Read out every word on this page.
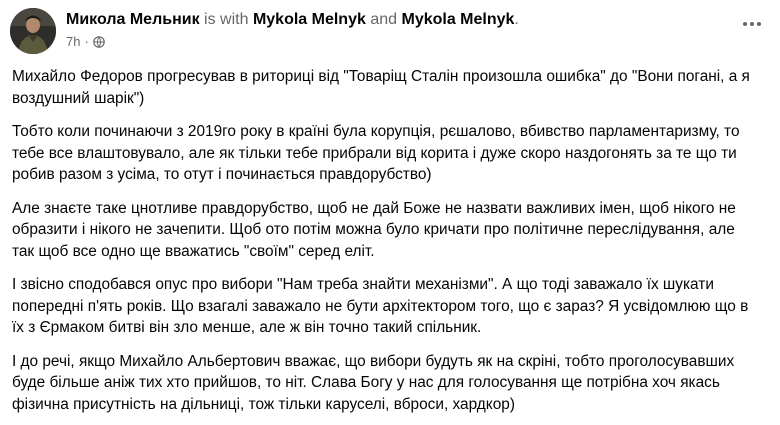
Микола Мельник is with Mykola Melnyk and Mykola Melnyk.
7h ·

Михайло Федоров прогресував в риториці від "Товаріщ Сталін произошла ошибка" до "Вони погані, а я воздушний шарік")

Тобто коли починаючи з 2019го року в країні була корупція, рєшалово, вбивство парламентаризму, то тебе все влаштовувало, але як тільки тебе прибрали від корита і дуже скоро наздогонять за те що ти робив разом з усіма, то отут і починається правдорубство)

Але знаєте таке цнотливе правдорубство, щоб не дай Боже не назвати важливих імен, щоб нікого не образити і нікого не зачепити. Щоб ото потім можна було кричати про політичне переслідування, але так щоб все одно ще вважатись "своїм" серед еліт.

І звісно сподобався опус про вибори "Нам треба знайти механізми". А що тоді заважало їх шукати попередні п'ять років. Що взагалі заважало не бути архітектором того, що є зараз? Я усвідомлюю що в їх з Єрмаком битві він зло менше, але ж він точно такий спільник.

І до речі, якщо Михайло Альбертович вважає, що вибори будуть як на скріні, тобто проголосувавших буде більше аніж тих хто прийшов, то ніт. Слава Богу у нас для голосування ще потрібна хоч якась фізична присутність на дільниці, тож тільки каруселі, вброси, хардкор)
